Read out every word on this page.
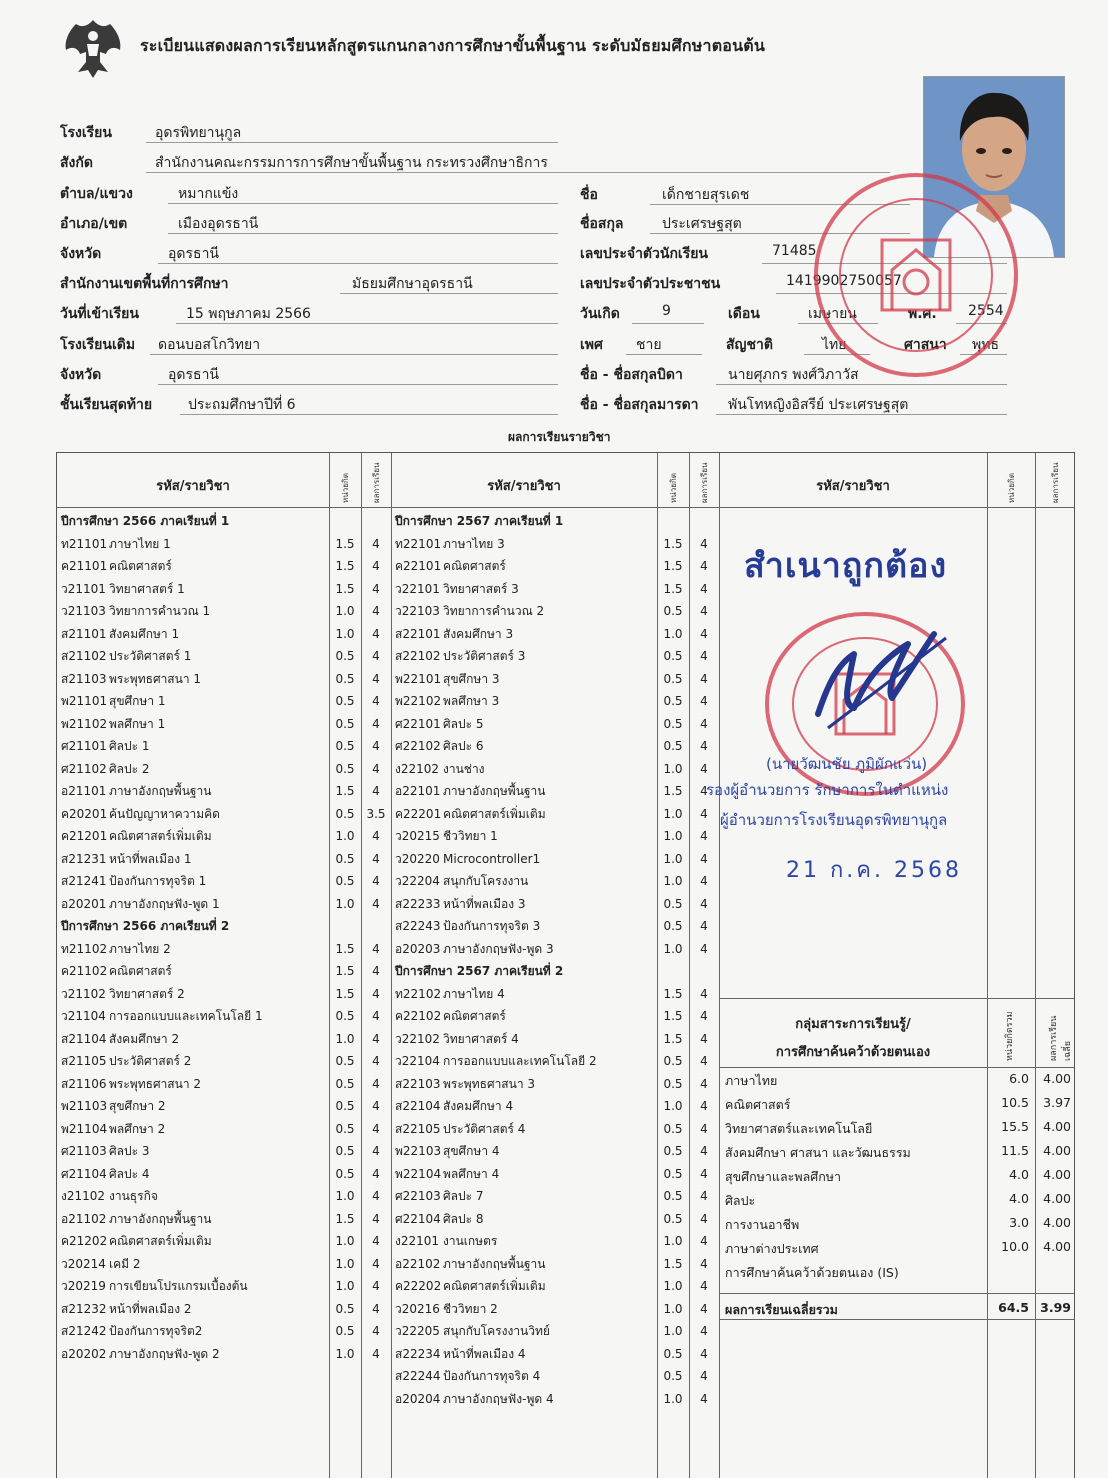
ระเบียนแสดงผลการเรียนหลักสูตรแกนกลางการศึกษาขั้นพื้นฐาน ระดับมัธยมศึกษาตอนต้น
โรงเรียน	อุดรพิทยานุกูล
สังกัด	สำนักงานคณะกรรมการการศึกษาขั้นพื้นฐาน กระทรวงศึกษาธิการ
ตำบล/แขวง	หมากแข้ง
อำเภอ/เขต	เมืองอุดรธานี
จังหวัด	อุดรธานี
สำนักงานเขตพื้นที่การศึกษา	มัธยมศึกษาอุดรธานี
วันที่เข้าเรียน	15 พฤษภาคม 2566
โรงเรียนเดิม ดอนบอสโกวิทยา
จังหวัด	อุดรธานี
ชั้นเรียนสุดท้าย	ประถมศึกษาปีที่ 6
ชื่อ	เด็กชายสุรเดช
ชื่อสกุล	ประเศรษฐสุต
เลขประจำตัวนักเรียน	71485
เลขประจำตัวประชาชน	1419902750057
วันเกิด	9	เดือน	เมษายน	พ.ศ. 2554
เพศ ชาย	สัญชาติ	ไทย	ศาสนา พุทธ
ชื่อ - ชื่อสกุลบิดา	นายศุภกร พงศ์วิภาวัส
ชื่อ - ชื่อสกุลมารดา พันโทหญิงอิสรีย์ ประเศรษฐสุต
ผลการเรียนรายวิชา
รหัส/รายวิชา	หน่วยกิต	ผลการเรียน	รหัส/รายวิชา	หน่วยกิต	ผลการเรียน	รหัส/รายวิชา	หน่วยกิต	ผลการเรียน
ปีการศึกษา 2566 ภาคเรียนที่ 1
ท21101 ภาษาไทย 1	1.5	4
ค21101 คณิตศาสตร์	1.5	4
ว21101 วิทยาศาสตร์ 1	1.5	4
ว21103 วิทยาการคำนวณ 1	1.0	4
ส21101 สังคมศึกษา 1	1.0	4
ส21102 ประวัติศาสตร์ 1	0.5	4
ส21103 พระพุทธศาสนา 1	0.5	4
พ21101 สุขศึกษา 1	0.5	4
พ21102 พลศึกษา 1	0.5	4
ศ21101 ศิลปะ 1	0.5	4
ศ21102 ศิลปะ 2	0.5	4
อ21101 ภาษาอังกฤษพื้นฐาน	1.5	4
ค20201 ค้นปัญญาหาความคิด	0.5 3.5
ค21201 คณิตศาสตร์เพิ่มเติม	1.0	4
ส21231 หน้าที่พลเมือง 1	0.5	4
ส21241 ป้องกันการทุจริต 1	0.5	4
อ20201 ภาษาอังกฤษฟัง-พูด 1	1.0	4
ปีการศึกษา 2566 ภาคเรียนที่ 2
ท21102 ภาษาไทย 2	1.5	4
ค21102 คณิตศาสตร์	1.5	4
ว21102 วิทยาศาสตร์ 2	1.5	4
ว21104 การออกแบบและเทคโนโลยี 1	0.5	4
ส21104 สังคมศึกษา 2	1.0	4
ส21105 ประวัติศาสตร์ 2	0.5	4
ส21106 พระพุทธศาสนา 2	0.5	4
พ21103 สุขศึกษา 2	0.5	4
พ21104 พลศึกษา 2	0.5	4
ศ21103 ศิลปะ 3	0.5	4
ศ21104 ศิลปะ 4	0.5	4
ง21102 งานธุรกิจ	1.0	4
อ21102 ภาษาอังกฤษพื้นฐาน	1.5	4
ค21202 คณิตศาสตร์เพิ่มเติม	1.0	4
ว20214 เคมี 2	1.0	4
ว20219 การเขียนโปรแกรมเบื้องต้น	1.0	4
ส21232 หน้าที่พลเมือง 2	0.5	4
ส21242 ป้องกันการทุจริต2	0.5	4
อ20202 ภาษาอังกฤษฟัง-พูด 2	1.0	4
ปีการศึกษา 2567 ภาคเรียนที่ 1
ท22101 ภาษาไทย 3	1.5	4
ค22101 คณิตศาสตร์	1.5	4
ว22101 วิทยาศาสตร์ 3	1.5	4
ว22103 วิทยาการคำนวณ 2	0.5	4
ส22101 สังคมศึกษา 3	1.0	4
ส22102 ประวัติศาสตร์ 3	0.5	4
พ22101 สุขศึกษา 3	0.5	4
พ22102 พลศึกษา 3	0.5	4
ศ22101 ศิลปะ 5	0.5	4
ศ22102 ศิลปะ 6	0.5	4
ง22102 งานช่าง	1.0	4
อ22101 ภาษาอังกฤษพื้นฐาน	1.5	4
ค22201 คณิตศาสตร์เพิ่มเติม	1.0	4
ว20215 ชีววิทยา 1	1.0	4
ว20220 Microcontroller1	1.0	4
ว22204 สนุกกับโครงงาน	1.0	4
ส22233 หน้าที่พลเมือง 3	0.5	4
ส22243 ป้องกันการทุจริต 3	0.5	4
อ20203 ภาษาอังกฤษฟัง-พูด 3	1.0	4
ปีการศึกษา 2567 ภาคเรียนที่ 2
ท22102 ภาษาไทย 4	1.5	4
ค22102 คณิตศาสตร์	1.5	4
ว22102 วิทยาศาสตร์ 4	1.5	4
ว22104 การออกแบบและเทคโนโลยี 2	0.5	4
ส22103 พระพุทธศาสนา 3	0.5	4
ส22104 สังคมศึกษา 4	1.0	4
ส22105 ประวัติศาสตร์ 4	0.5	4
พ22103 สุขศึกษา 4	0.5	4
พ22104 พลศึกษา 4	0.5	4
ศ22103 ศิลปะ 7	0.5	4
ศ22104 ศิลปะ 8	0.5	4
ง22101 งานเกษตร	1.0	4
อ22102 ภาษาอังกฤษพื้นฐาน	1.5	4
ค22202 คณิตศาสตร์เพิ่มเติม	1.0	4
ว20216 ชีววิทยา 2	1.0	4
ว22205 สนุกกับโครงงานวิทย์	1.0	4
ส22234 หน้าที่พลเมือง 4	0.5	4
ส22244 ป้องกันการทุจริต 4	0.5	4
อ20204 ภาษาอังกฤษฟัง-พูด 4	1.0	4
กลุ่มสาระการเรียนรู้/
การศึกษาค้นคว้าด้วยตนเอง	หน่วยกิตรวม	ผลการเรียนเฉลี่ย
ภาษาไทย	6.0	4.00
คณิตศาสตร์	10.5	3.97
วิทยาศาสตร์และเทคโนโลยี	15.5	4.00
สังคมศึกษา ศาสนา และวัฒนธรรม	11.5	4.00
สุขศึกษาและพลศึกษา	4.0	4.00
ศิลปะ	4.0	4.00
การงานอาชีพ	3.0	4.00
ภาษาต่างประเทศ	10.0	4.00
การศึกษาค้นคว้าด้วยตนเอง (IS)
ผลการเรียนเฉลี่ยรวม	64.5 3.99
สำเนาถูกต้อง
(นายวัฒนชัย ภูมิผักแว่น)
รองผู้อำนวยการ รักษาการในตำแหน่ง
ผู้อำนวยการโรงเรียนอุดรพิทยานุกูล
21 ก.ค. 2568
